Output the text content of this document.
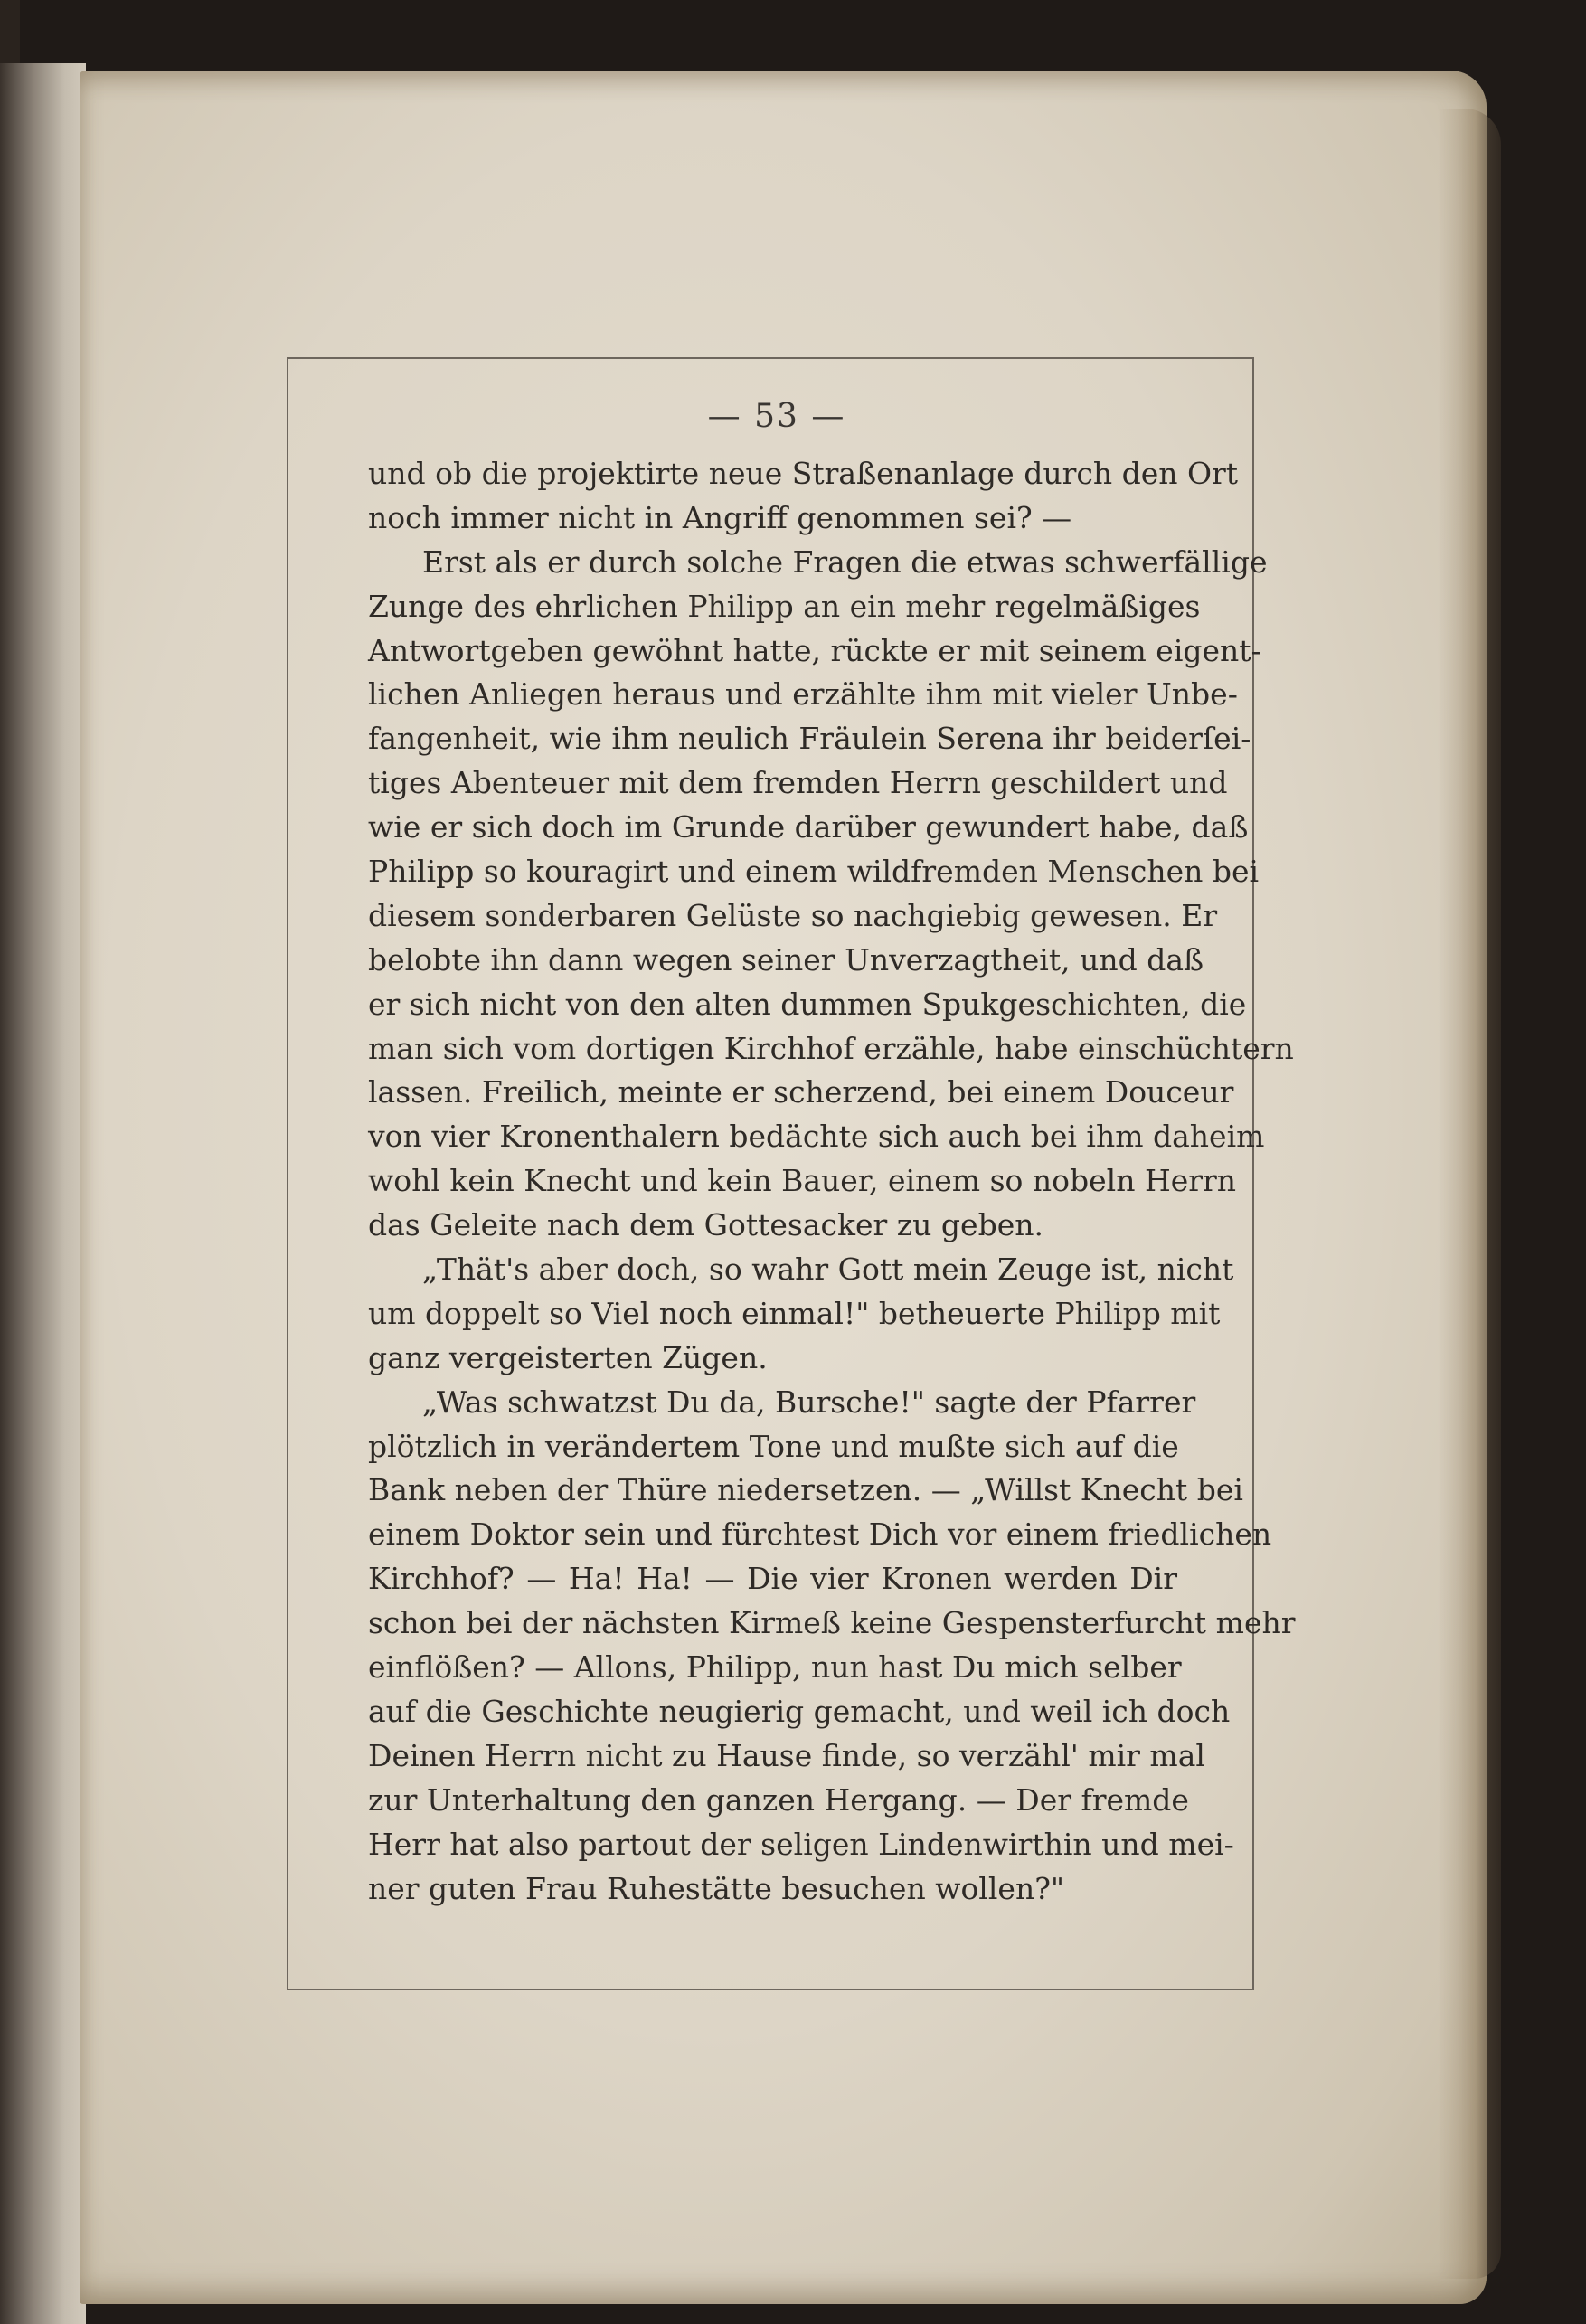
— 53 —
und ob die projektirte neue Straßenanlage durch den Ort
noch immer nicht in Angriff genommen sei? —
Erst als er durch solche Fragen die etwas schwerfällige
Zunge des ehrlichen Philipp an ein mehr regelmäßiges
Antwortgeben gewöhnt hatte, rückte er mit seinem eigent-
lichen Anliegen heraus und erzählte ihm mit vieler Unbe-
fangenheit, wie ihm neulich Fräulein Serena ihr beiderſei-
tiges Abenteuer mit dem fremden Herrn geschildert und
wie er sich doch im Grunde darüber gewundert habe, daß
Philipp so kouragirt und einem wildfremden Menschen bei
diesem sonderbaren Gelüste so nachgiebig gewesen. Er
belobte ihn dann wegen seiner Unverzagtheit, und daß
er sich nicht von den alten dummen Spukgeschichten, die
man sich vom dortigen Kirchhof erzähle, habe einschüchtern
lassen. Freilich, meinte er scherzend, bei einem Douceur
von vier Kronenthalern bedächte sich auch bei ihm daheim
wohl kein Knecht und kein Bauer, einem so nobeln Herrn
das Geleite nach dem Gottesacker zu geben.
„Thät's aber doch, so wahr Gott mein Zeuge ist, nicht
um doppelt so Viel noch einmal!" betheuerte Philipp mit
ganz vergeisterten Zügen.
„Was schwatzst Du da, Bursche!" sagte der Pfarrer
plötzlich in verändertem Tone und mußte sich auf die
Bank neben der Thüre niedersetzen. — „Willst Knecht bei
einem Doktor sein und fürchtest Dich vor einem friedlichen
Kirchhof? — Ha! Ha! — Die vier Kronen werden Dir
schon bei der nächsten Kirmeß keine Gespensterfurcht mehr
einflößen? — Allons, Philipp, nun hast Du mich selber
auf die Geschichte neugierig gemacht, und weil ich doch
Deinen Herrn nicht zu Hause finde, so verzähl' mir mal
zur Unterhaltung den ganzen Hergang. — Der fremde
Herr hat also partout der seligen Lindenwirthin und mei-
ner guten Frau Ruhestätte besuchen wollen?"
